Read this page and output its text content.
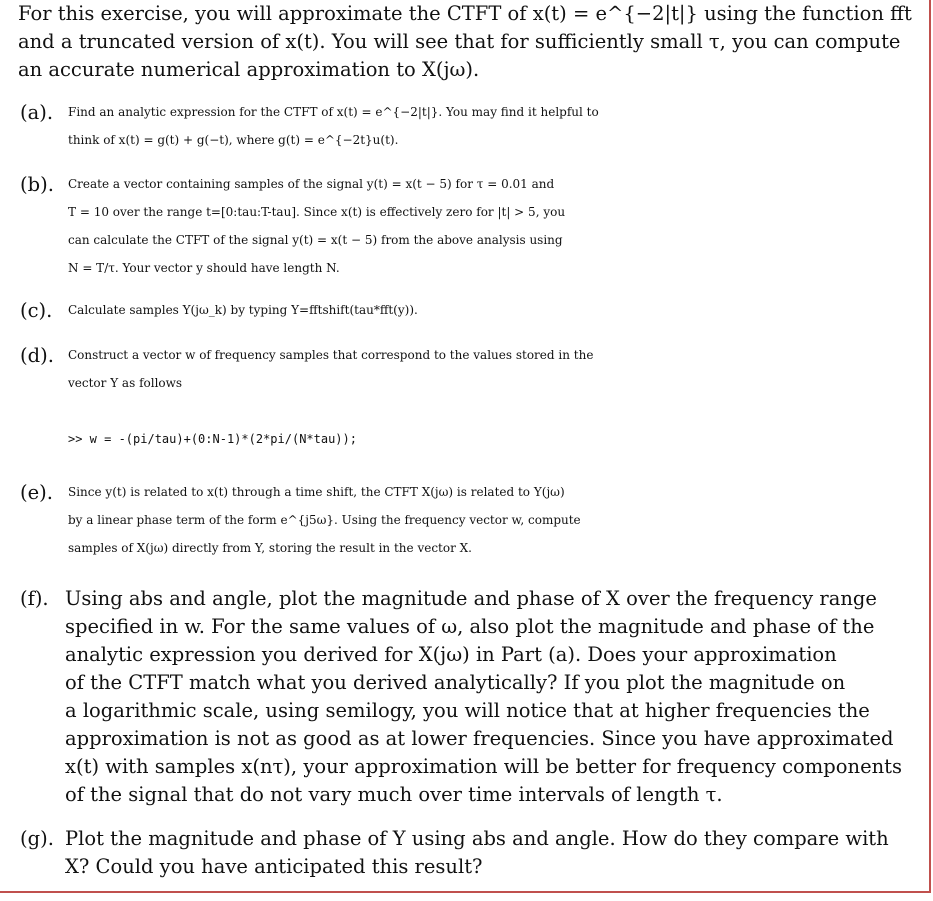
For this exercise, you will approximate the CTFT of x(t) = e^{−2|t|} using the function fft
and a truncated version of x(t). You will see that for sufficiently small τ, you can compute
an accurate numerical approximation to X(jω).
(a). Find an analytic expression for the CTFT of x(t) = e^{−2|t|}. You may find it helpful to
think of x(t) = g(t) + g(−t), where g(t) = e^{−2t}u(t).
(b). Create a vector containing samples of the signal y(t) = x(t − 5) for τ = 0.01 and
T = 10 over the range t=[0:tau:T-tau]. Since x(t) is effectively zero for |t| > 5, you
can calculate the CTFT of the signal y(t) = x(t − 5) from the above analysis using
N = T/τ. Your vector y should have length N.
(c). Calculate samples Y(jω_k) by typing Y=fftshift(tau*fft(y)).
(d). Construct a vector w of frequency samples that correspond to the values stored in the
vector Y as follows
>> w = -(pi/tau)+(0:N-1)*(2*pi/(N*tau));
(e). Since y(t) is related to x(t) through a time shift, the CTFT X(jω) is related to Y(jω)
by a linear phase term of the form e^{j5ω}. Using the frequency vector w, compute
samples of X(jω) directly from Y, storing the result in the vector X.
(f). Using abs and angle, plot the magnitude and phase of X over the frequency range
specified in w. For the same values of ω, also plot the magnitude and phase of the
analytic expression you derived for X(jω) in Part (a). Does your approximation
of the CTFT match what you derived analytically? If you plot the magnitude on
a logarithmic scale, using semilogy, you will notice that at higher frequencies the
approximation is not as good as at lower frequencies. Since you have approximated
x(t) with samples x(nτ), your approximation will be better for frequency components
of the signal that do not vary much over time intervals of length τ.
(g). Plot the magnitude and phase of Y using abs and angle. How do they compare with
X? Could you have anticipated this result?
